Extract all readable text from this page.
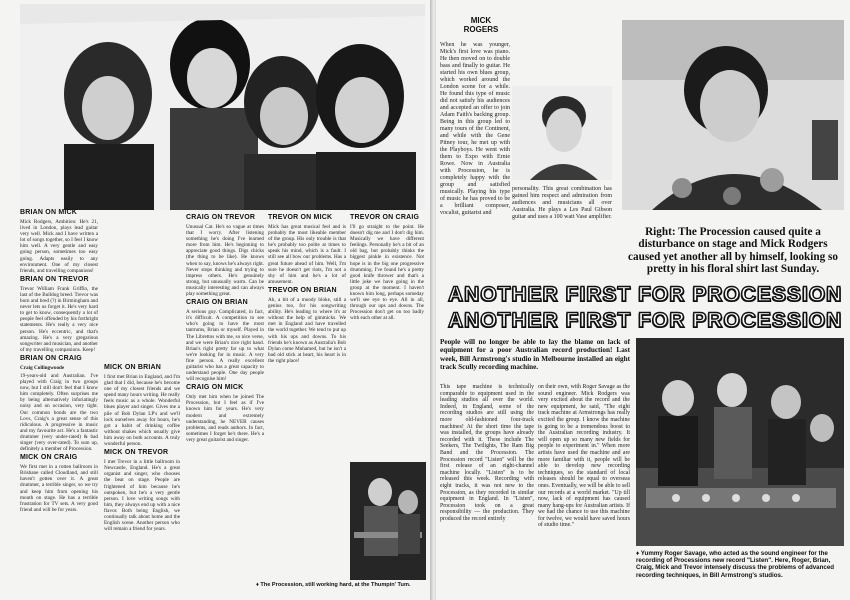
BRIAN ON MICK

Mick Rodgers, Ambition: He's 21, lived in London, plays lead guitar very well. Mick and I have written a lot of songs together, so I feel I know him well. A very gentle and easy going person, sometimes too easy going. Adapts easily to any environment. One of my closest friends, and travelling companions!

BRIAN ON TREVOR

Trevor William Frank Griffin, the last of the Bulldog breed. Trevor was born and bred (?) in Birmingham and never lets us forget it. He's very hard to get to know, consequently a lot of people feel offended by his forthright statements. He's really a very nice person. He's eccentric, and that's amazing. He's a very gregarious songwriter and musician, and another of my travelling companions. Keep!

BRIAN ON CRAIG

Craig Collingwoode

19-years-old and Australian. I've played with Craig in two groups now, but I still don't feel that I know him completely. Often surprises me by being alternatively infuriatingly noisy and on occasion, very tight. Our common bonds are the two Lovs, Craig's a great sense of this ridiculous. A progressive in music and my favourite act. He's a fantastic drummer (very under-rated) & bad singer (very over-rated). To sum up, definitely a member of Procession.

MICK ON CRAIG

We first met in a rotten ballroom in Brisbane called Cloudland, and still haven't gotten over it. A great drummer, a terrible singer, so we try and keep him from opening his mouth on stage. He has a terrible frustration for TV sets. A very good friend and will be for years.

MICK ON BRIAN

I first met Brian in England, and I'm glad that I did, because he's become one of my closest friends and we spend many hours writing. He really feels music as a whole. Wonderful blues player and singer. Gives me a pile of Bob Dylan LP's and we'll lock ourselves away for hours, he's got a habit of drinking coffee without shakes which usually give him away on both accounts. A truly wonderful person.

MICK ON TREVOR

I met Trevor in a little ballroom in Newcastle, England. He's a great organist and singer, who chooses the beat on stage. People are frightened of him because he's outspoken, but he's a very gentle person. I love writing songs with him, they always end up with a nice flavor. Both being English, we continually talk about home and the English scene. Another person who will remain a friend for years.

CRAIG ON TREVOR

Unusual Cat. He's so vague at times that I worry. After listening something he's doing I've learned more from him. He's beginning to appreciate good things. Digs chicks (the thing to be like). He knows when to say, knows he's always right. Never stops thinking and trying to impress others. He's genuinely strong, but unusually warm. Can be musically interesting and can always play something great.

CRAIG ON BRIAN

A serious guy. Complicated, in fact, it's difficult. A competition to see who's going to have the most tantrums, Brian or myself. Played in The Librettos with me, so nice verse, and we were Brian's nice right hand. Brian's right pretty far up to what we're looking for in music. A very fine person. A really excellent guitarist who has a great capacity to understand people. One day people will recognise him!

CRAIG ON MICK

Only met him when he joined The Procession, but I feel as if I've known him for years. He's very modern and extremely understanding, he NEVER causes problems, and reads authors. In fact, sometimes I forget he's there. He's a very great guitarist and singer.

TREVOR ON MICK

Mick has great musical feel and is probably the most likeable member of the group. His only trouble is that he's probably too polite at times to speak his mind, which is a fault. I still see all bow our problems. Has a great future ahead of him. Well, I'm sure he doesn't get riots, I'm not a shy of him and he's a lot of amusement.

TREVOR ON BRIAN

Ah, a bit of a moody bloke, still a genius too, for his songwriting ability. He's leading to where it's at without the help of gimmicks. We met in England and have travelled the world together. We tend to put up with his ups and downs. To his friends he's known as Australia's Bob Dylan come Muhamed, but he isn't a bad old stick at heart, his heart is in the right place!

TREVOR ON CRAIG

I'll go straight to the point. He doesn't dig me and I don't dig him. Musically we have different feelings. Personally he's a bit of an old bag, but probably thinks the biggest pinkle in existence. Not hope is in the big one progressive drumming. I've found he's a pretty good knife thrower and that's a little joke we have going in the group at the moment. I haven't known him long, perhaps someday we'll see eye to eye. All in all, through our ups and downs. The Procession don't get on too badly with each other at all.

♦ The Procession, still working hard, at the Thumpin' Tum.
MICK
ROGERS

When he was younger, Mick's first love was piano. He then moved on to double bass and finally to guitar. He started his own blues group, which worked around the London scene for a while. He found this type of music did not satisfy his audiences and accepted an offer to join Adam Faith's backing group. Being in this group led to many tours of the Continent, and while with the Gene Pitney tour, he met up with the Playboys. He went with them to Expo with Ernie Rowe. Now in Australia with Procession, he is completely happy with the group and satisfied musically. Playing his type of music he has proved to be a brilliant composer, vocalist, guitarist and

personality. This great combination has gained him respect and admiration from audiences and musicians all over Australia. He plays a Les Paul Gibson guitar and uses a 100 watt Vase amplifier.

Right: The Procession caused quite a disturbance on stage and Mick Rodgers caused yet another all by himself, looking so pretty in his floral shirt last Sunday.
ANOTHER FIRST FOR PROCESSION
ANOTHER FIRST FOR PROCESSION
People will no longer be able to lay the blame on lack of equipment for a poor Australian record production! Last week, Bill Armstrong's studio in Melbourne installed an eight track Scully recording machine.

This tape machine is technically comparable to equipment used in the leading studios all over the world. Indeed, in England, some of the recording studios are still using the more old-fashioned four-track machines! At the short time the tape was installed, the groups have already recorded with it. These include The Seekers, The Twilights, The Ram Big Band and the Procession. The Procession record "Listen" will be the first release of an eight-channel machine locally. "Listen" is to be released this week. Recording with eight tracks, it was not new to the Procession, as they recorded in similar equipment in England. In "Listen", Procession took on a great responsibility — the production. They produced the record entirely

on their own, with Roger Savage as the sound engineer. Mick Rodgers was very excited about the record and the new equipment, he said, "The eight track machine at Armstrongs has really excited the group. I know the machine is going to be a tremendous boost to the Australian recording industry. It will open up so many new fields for people to experiment in." When more artists have used the machine and are more familiar with it, people will be able to develop new recording techniques, so the standard of local releases should be equal to overseas ones. Eventually, we will be able to sell our records at a world market. "Up till now, lack of equipment has caused many hang-ups for Australian artists. If we had the chance to use this machine for twelve, we would have saved hours of studio time."

♦ Yummy Roger Savage, who acted as the sound engineer for the recording of Processions new record "Listen". Here, Roger, Brian, Craig, Mick and Trevor intensely discuss the problems of advanced recording techniques, in Bill Armstrong's studios.
